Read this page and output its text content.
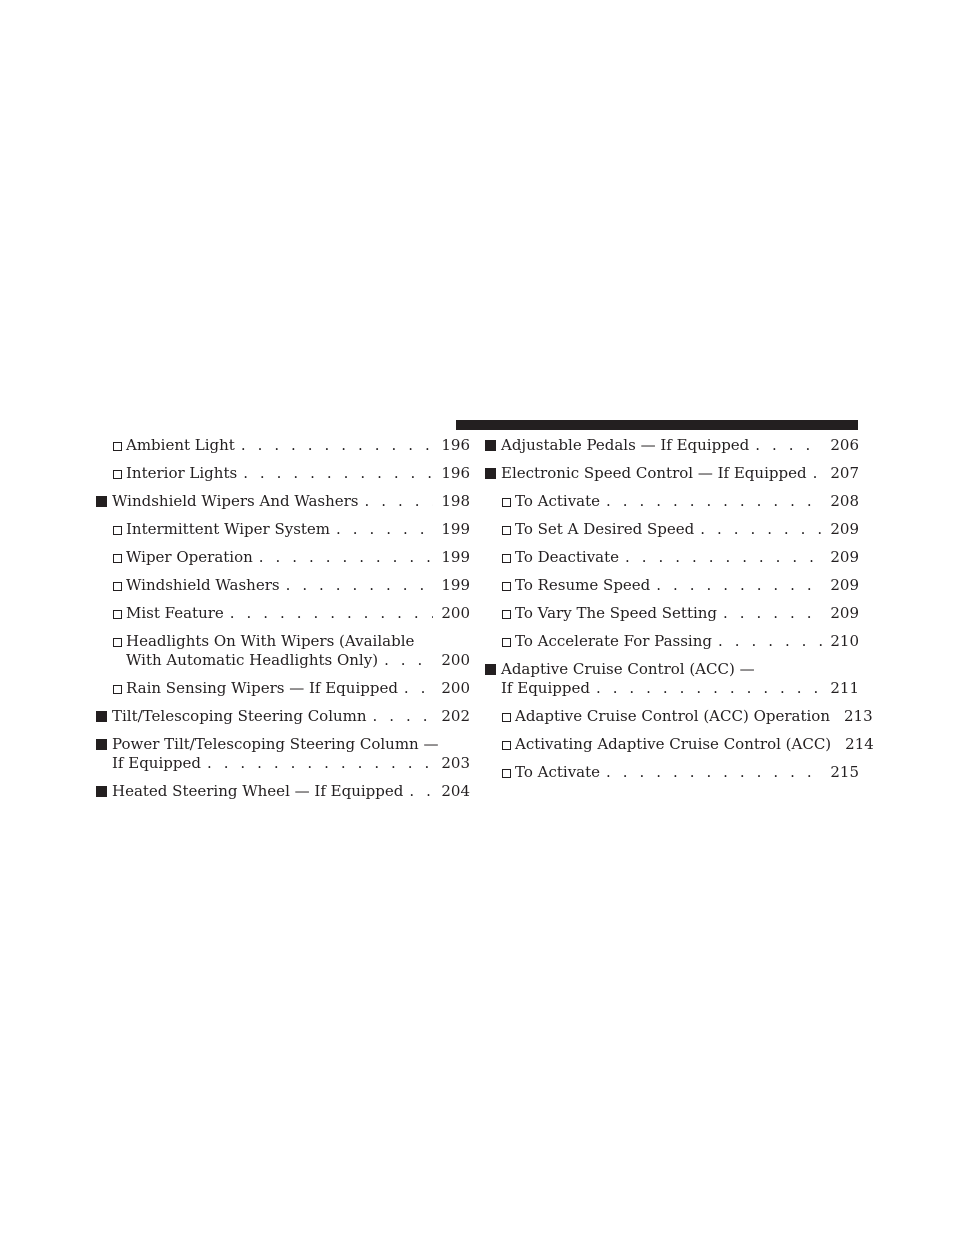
Ambient Light . . .	196
Interior Lights . . .	196
Windshield Wipers And Washers . . .	198
Intermittent Wiper System . . .	199
Wiper Operation . . .	199
Windshield Washers . . .	199
Mist Feature . . .	200
Headlights On With Wipers (Available
With Automatic Headlights Only) . . .	200
Rain Sensing Wipers — If Equipped . . .	200
Tilt/Telescoping Steering Column . . .	202
Power Tilt/Telescoping Steering Column —
If Equipped . . .	203
Heated Steering Wheel — If Equipped . . .	204
Adjustable Pedals — If Equipped . . .	206
Electronic Speed Control — If Equipped . . . 207
To Activate . . .	208
To Set A Desired Speed . . .	209
To Deactivate . . .	209
To Resume Speed . . .	209
To Vary The Speed Setting . . .	209
To Accelerate For Passing . . .	210
Adaptive Cruise Control (ACC) —
If Equipped . . .	211
Adaptive Cruise Control (ACC) Operation 213
Activating Adaptive Cruise Control (ACC) 214
To Activate . . .	215
